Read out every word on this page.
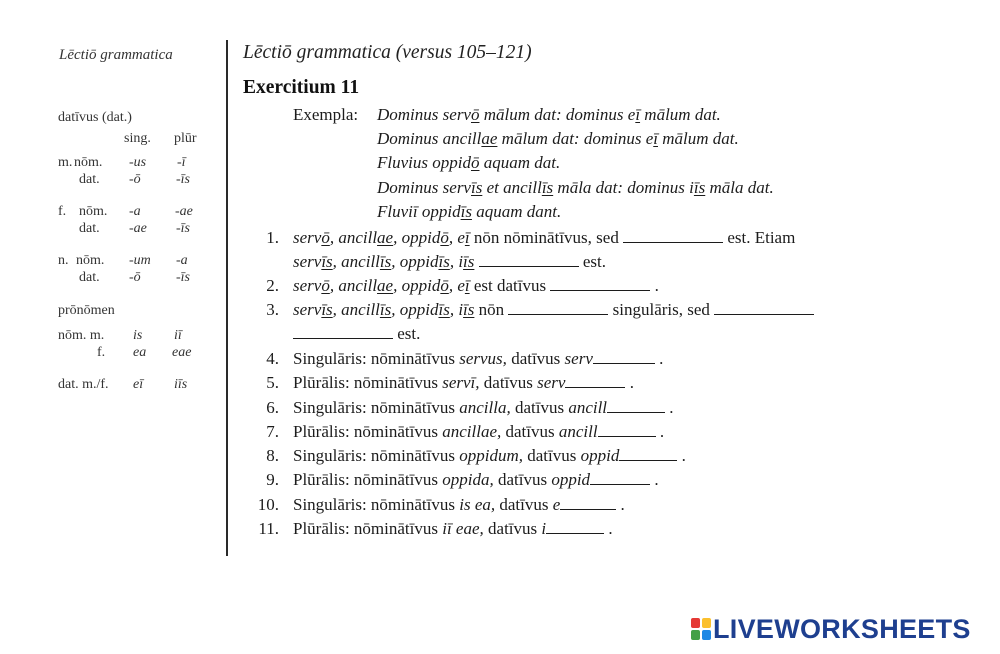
Lēctiō grammatica
datīvus (dat.)
sing. plūr
m. nōm. -us -ī
dat. -ō	-īs
f. nōm. -a -ae
dat. -ae -īs
n. nōm. -um -a
dat. -ō	-īs
prōnōmen
nōm. m. is iī
f. ea eae
dat. m./f. eī iīs
Lēctiō grammatica (versus 105–121)
Exercitium 11
Exempla: Dominus servō mālum dat: dominus eī mālum dat.
Dominus ancillae mālum dat: dominus eī mālum dat.
Fluvius oppidō aquam dat.
Dominus servīs et ancillīs māla dat: dominus iīs māla dat.
Fluviī oppidīs aquam dant.
1. servō, ancillae, oppidō, eī nōn nōminātīvus, sed	est. Etiam
servīs, ancillīs, oppidīs, iīs	est.
2. servō, ancillae, oppidō, eī est datīvus	.
3. servīs, ancillīs, oppidīs, iīs nōn	singulāris, sed
est.
4. Singulāris: nōminātīvus servus, datīvus serv	.
5. Plūrālis: nōminātīvus servī, datīvus serv	.
6. Singulāris: nōminātīvus ancilla, datīvus ancill	.
7. Plūrālis: nōminātīvus ancillae, datīvus ancill	.
8. Singulāris: nōminātīvus oppidum, datīvus oppid	.
9. Plūrālis: nōminātīvus oppida, datīvus oppid	.
10. Singulāris: nōminātīvus is ea, datīvus e	.
11. Plūrālis: nōminātīvus iī eae, datīvus i	.
LIVEWORKSHEETS
